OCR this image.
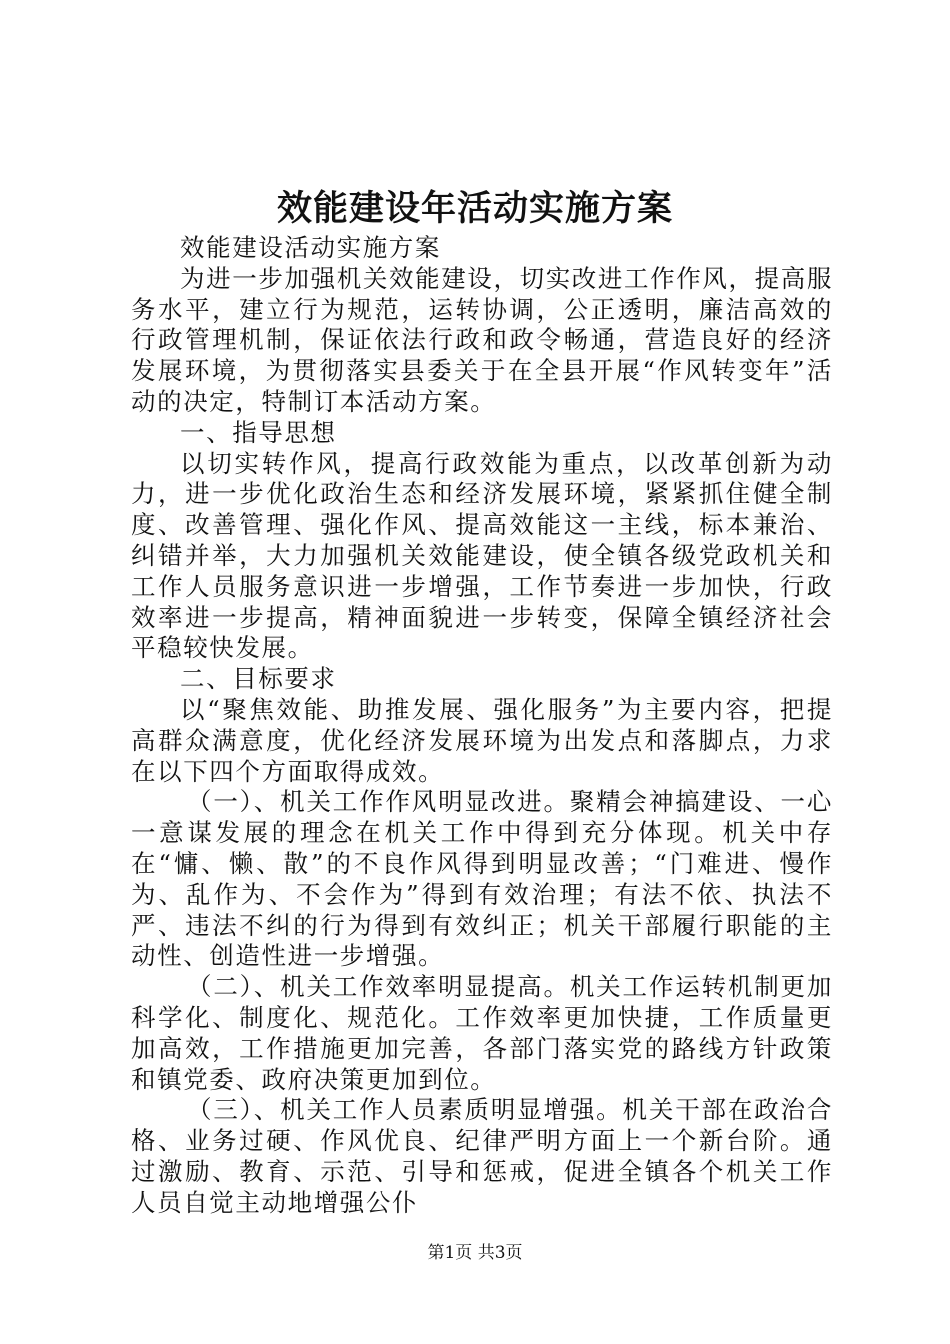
效能建设年活动实施方案

效能建设活动实施方案

为进一步加强机关效能建设，切实改进工作作风，提高服务水平，建立行为规范，运转协调，公正透明，廉洁高效的行政管理机制，保证依法行政和政令畅通，营造良好的经济发展环境，为贯彻落实县委关于在全县开展“作风转变年”活动的决定，特制订本活动方案。

一、指导思想

以切实转作风，提高行政效能为重点，以改革创新为动力，进一步优化政治生态和经济发展环境，紧紧抓住健全制度、改善管理、强化作风、提高效能这一主线，标本兼治、纠错并举，大力加强机关效能建设，使全镇各级党政机关和工作人员服务意识进一步增强，工作节奏进一步加快，行政效率进一步提高，精神面貌进一步转变，保障全镇经济社会平稳较快发展。

二、目标要求

以“聚焦效能、助推发展、强化服务”为主要内容，把提高群众满意度，优化经济发展环境为出发点和落脚点，力求在以下四个方面取得成效。

（一）、机关工作作风明显改进。聚精会神搞建设、一心一意谋发展的理念在机关工作中得到充分体现。机关中存在“慵、懒、散”的不良作风得到明显改善；“门难进、慢作为、乱作为、不会作为”得到有效治理；有法不依、执法不严、违法不纠的行为得到有效纠正；机关干部履行职能的主动性、创造性进一步增强。

（二）、机关工作效率明显提高。机关工作运转机制更加科学化、制度化、规范化。工作效率更加快捷，工作质量更加高效，工作措施更加完善，各部门落实党的路线方针政策和镇党委、政府决策更加到位。

（三）、机关工作人员素质明显增强。机关干部在政治合格、业务过硬、作风优良、纪律严明方面上一个新台阶。通过激励、教育、示范、引导和惩戒，促进全镇各个机关工作人员自觉主动地增强公仆

第1页 共3页
